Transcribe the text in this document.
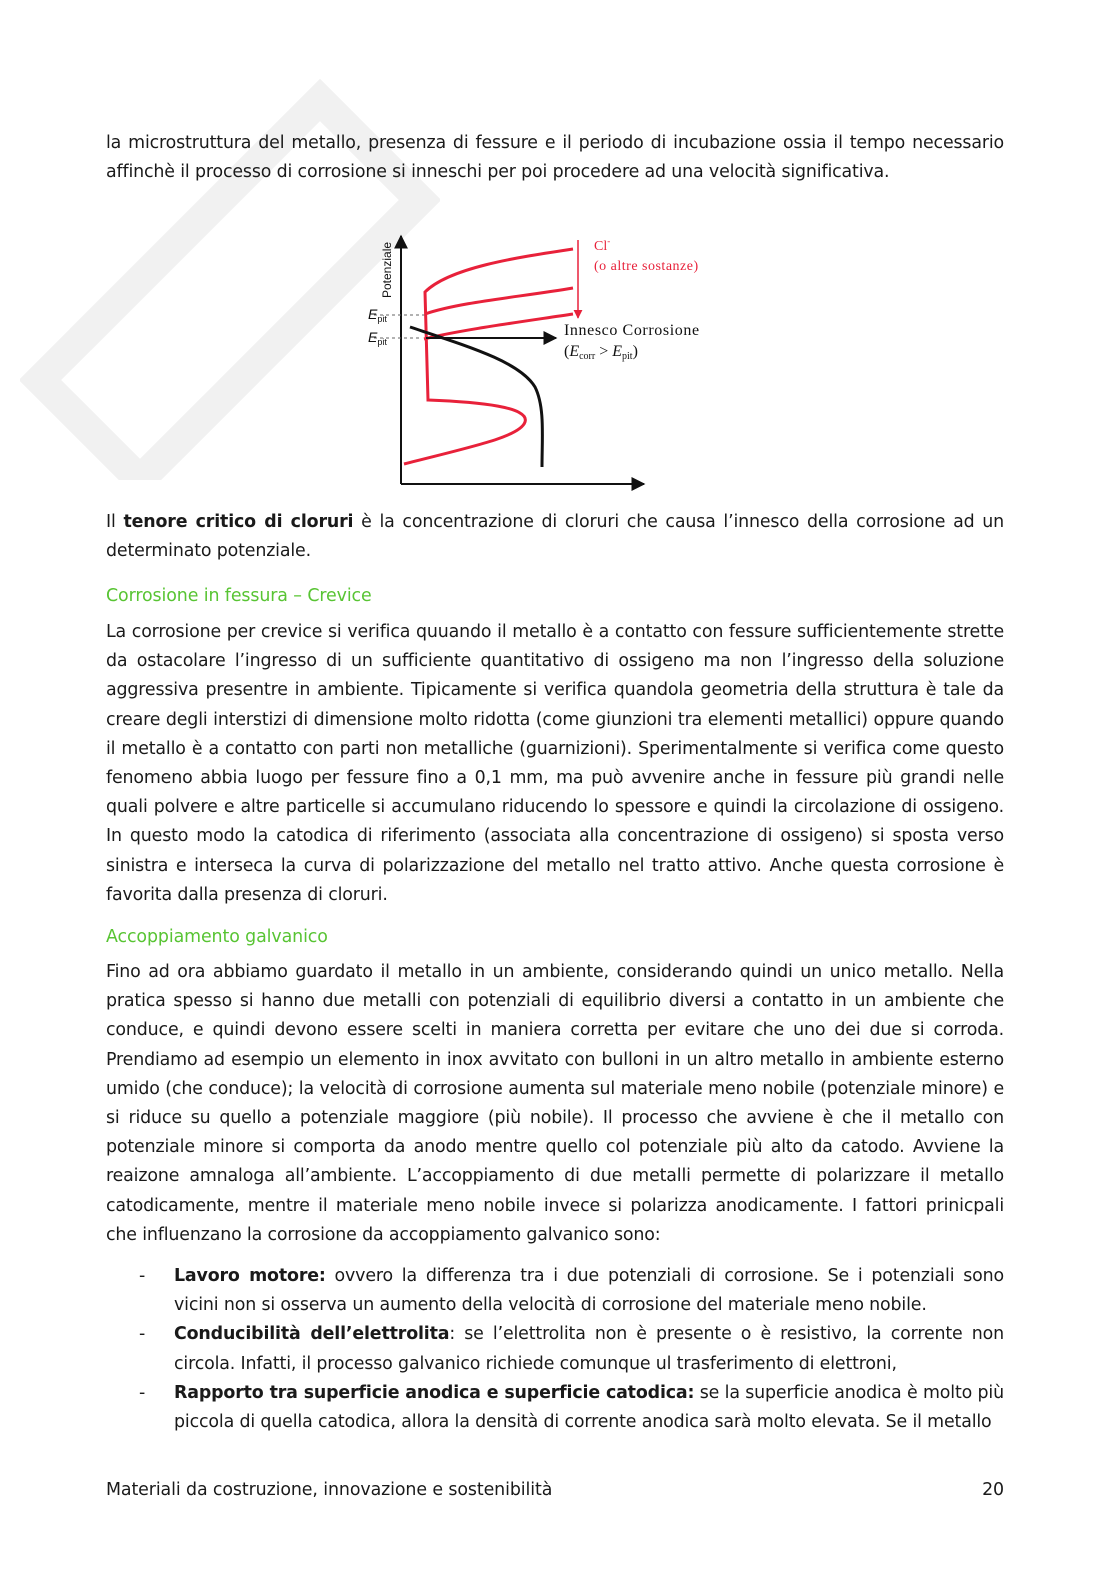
la microstruttura del metallo, presenza di fessure e il periodo di incubazione ossia il tempo necessario affinchè il processo di corrosione si inneschi per poi procedere ad una velocità significativa.

Potenziale
$E_{pit}$
$E_{pit}$
Cl-
(o altre sostanze)
Innesco Corrosione
(Ecorr > Epit)

Il tenore critico di cloruri è la concentrazione di cloruri che causa l’innesco della corrosione ad un determinato potenziale.

Corrosione in fessura – Crevice

La corrosione per crevice si verifica quuando il metallo è a contatto con fessure sufficientemente strette da ostacolare l’ingresso di un sufficiente quantitativo di ossigeno ma non l’ingresso della soluzione aggressiva presentre in ambiente. Tipicamente si verifica quandola geometria della struttura è tale da creare degli interstizi di dimensione molto ridotta (come giunzioni tra elementi metallici) oppure quando il metallo è a contatto con parti non metalliche (guarnizioni). Sperimentalmente si verifica come questo fenomeno abbia luogo per fessure fino a 0,1 mm, ma può avvenire anche in fessure più grandi nelle quali polvere e altre particelle si accumulano riducendo lo spessore e quindi la circolazione di ossigeno. In questo modo la catodica di riferimento (associata alla concentrazione di ossigeno) si sposta verso sinistra e interseca la curva di polarizzazione del metallo nel tratto attivo. Anche questa corrosione è favorita dalla presenza di cloruri.

Accoppiamento galvanico

Fino ad ora abbiamo guardato il metallo in un ambiente, considerando quindi un unico metallo. Nella pratica spesso si hanno due metalli con potenziali di equilibrio diversi a contatto in un ambiente che conduce, e quindi devono essere scelti in maniera corretta per evitare che uno dei due si corroda. Prendiamo ad esempio un elemento in inox avvitato con bulloni in un altro metallo in ambiente esterno umido (che conduce); la velocità di corrosione aumenta sul materiale meno nobile (potenziale minore) e si riduce su quello a potenziale maggiore (più nobile). Il processo che avviene è che il metallo con potenziale minore si comporta da anodo mentre quello col potenziale più alto da catodo. Avviene la reaizone amnaloga all’ambiente. L’accoppiamento di due metalli permette di polarizzare il metallo catodicamente, mentre il materiale meno nobile invece si polarizza anodicamente. I fattori prinicpali che influenzano la corrosione da accoppiamento galvanico sono:

- Lavoro motore: ovvero la differenza tra i due potenziali di corrosione. Se i potenziali sono vicini non si osserva un aumento della velocità di corrosione del materiale meno nobile.
- Conducibilità dell’elettrolita: se l’elettrolita non è presente o è resistivo, la corrente non circola. Infatti, il processo galvanico richiede comunque ul trasferimento di elettroni,
- Rapporto tra superficie anodica e superficie catodica: se la superficie anodica è molto più piccola di quella catodica, allora la densità di corrente anodica sarà molto elevata. Se il metallo
Materiali da costruzione, innovazione e sostenibilità	20
